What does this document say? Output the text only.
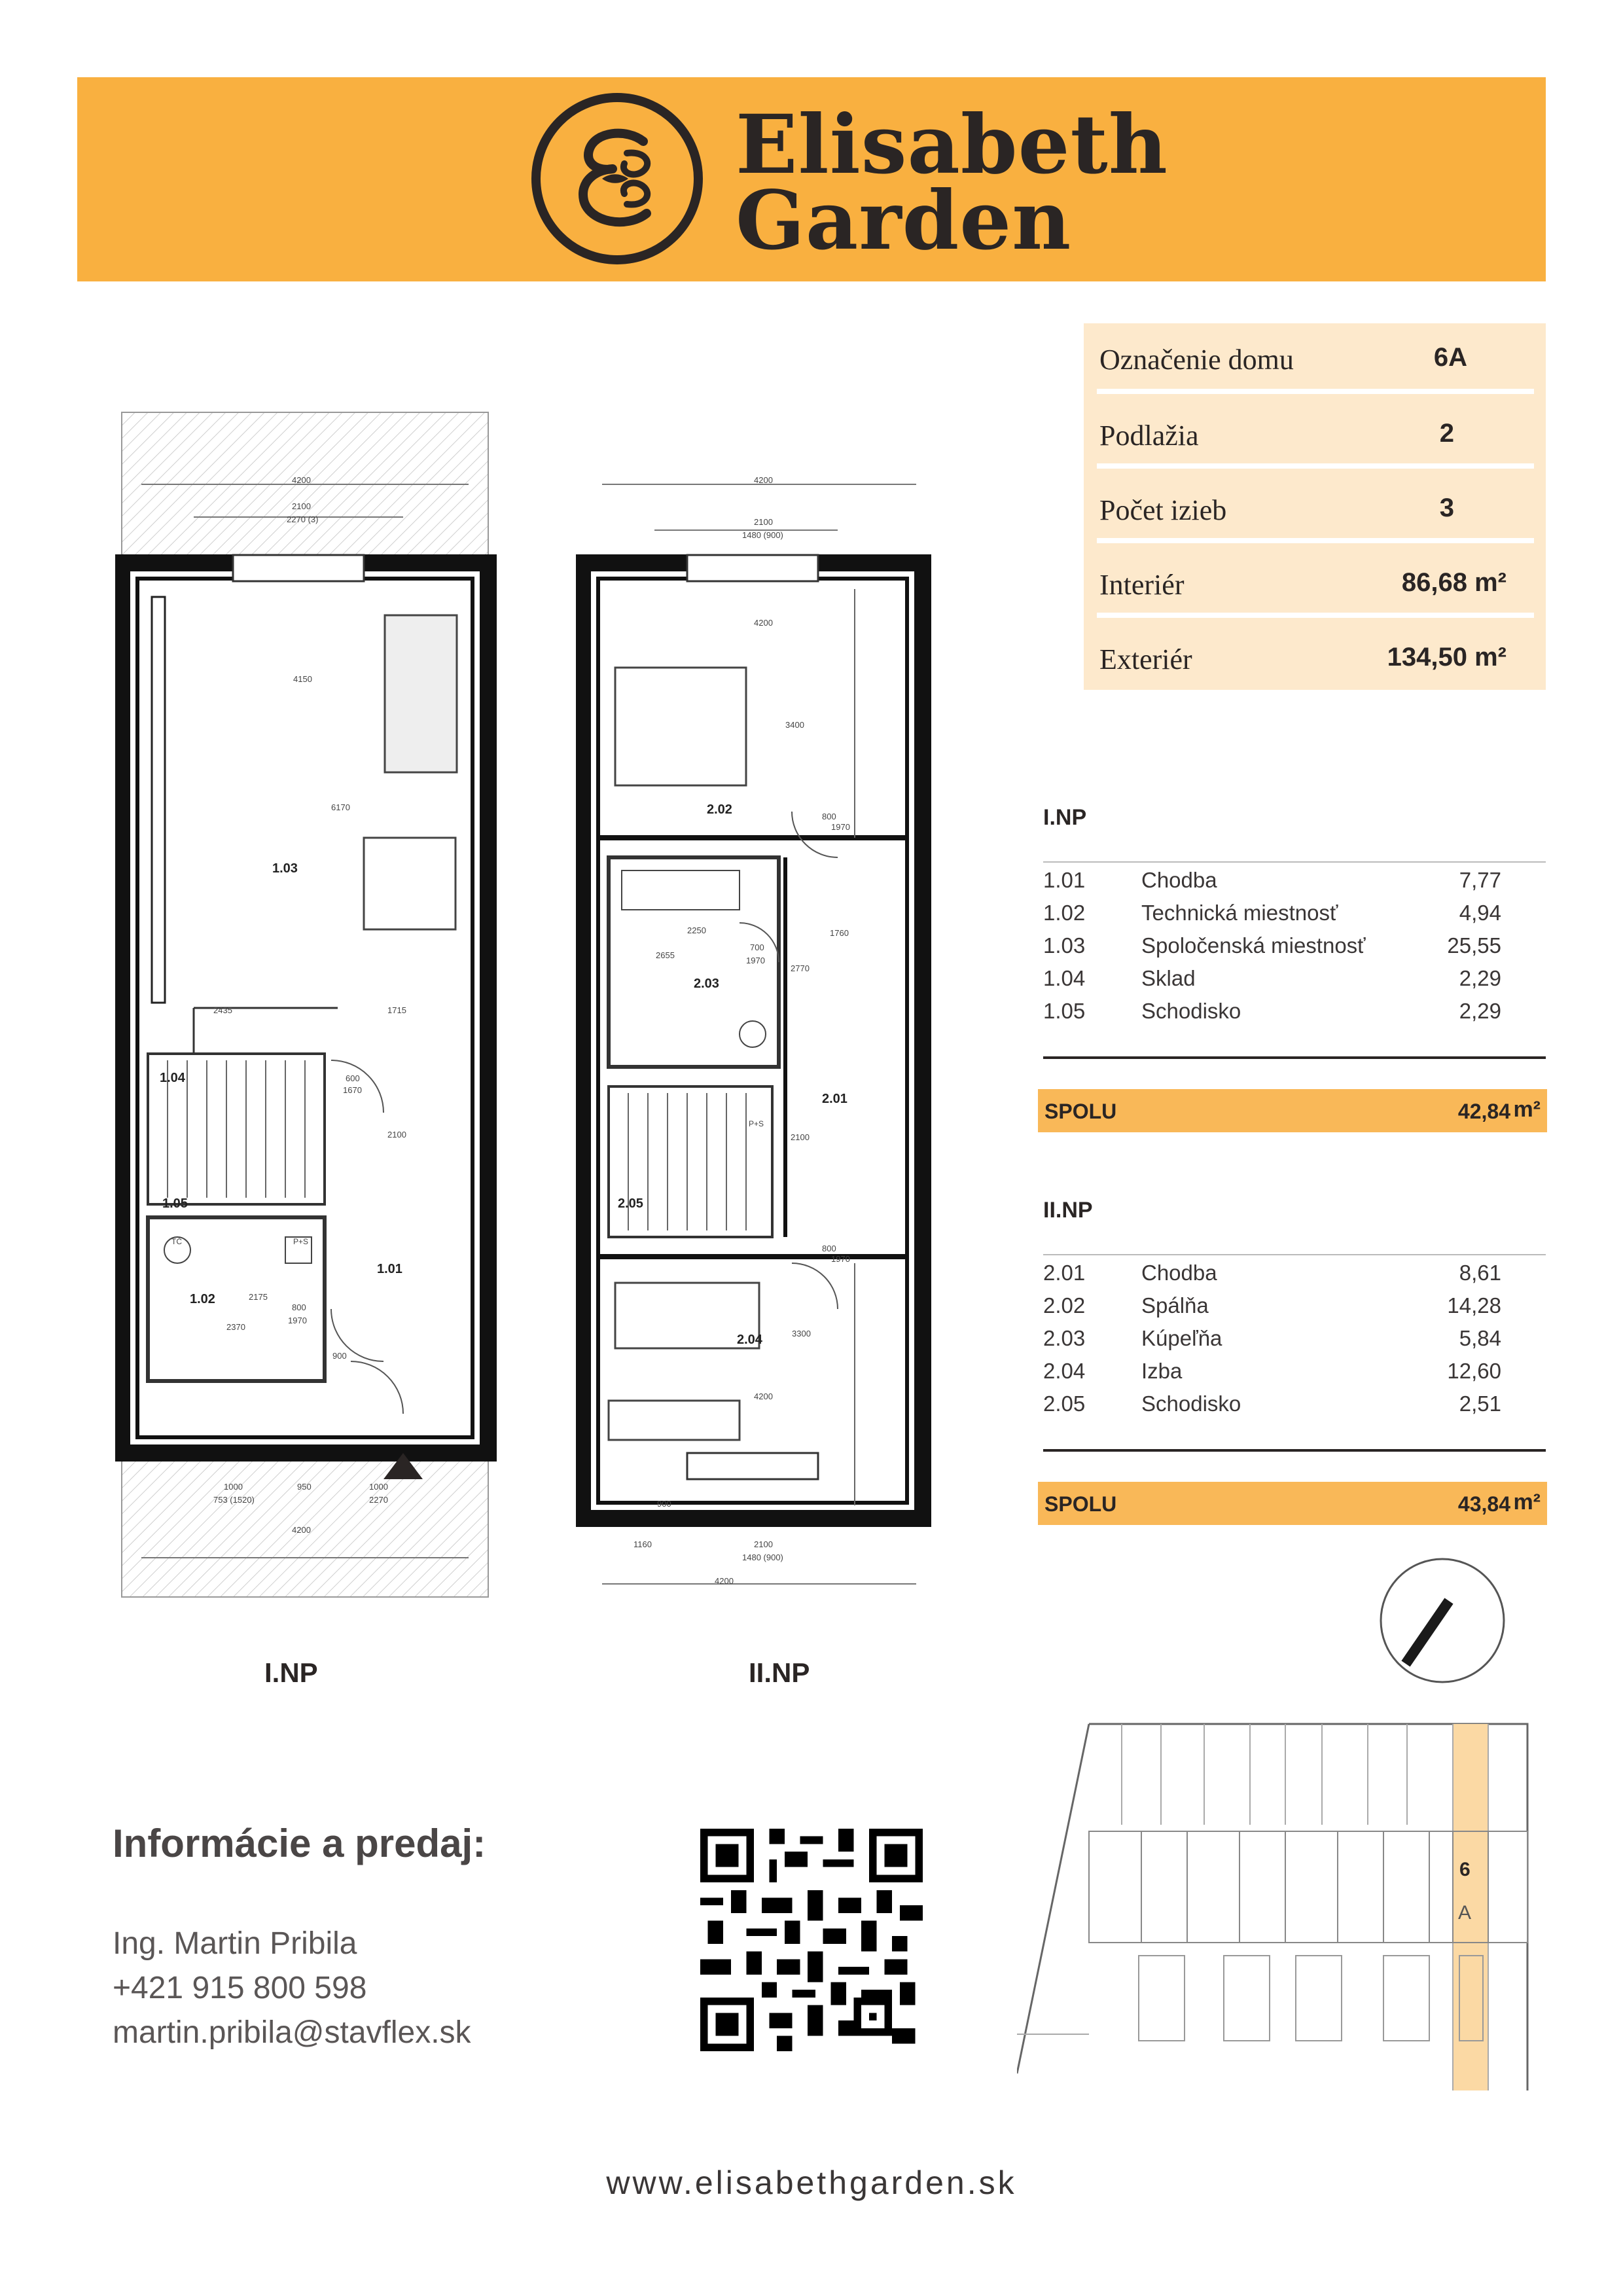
Elisabeth
Garden
Označenie domu	6A
Podlažia	2
Počet izieb	3
Interiér	86,68 m²
Exteriér	134,50 m²
I.NP
1.01	Chodba	7,77
1.02	Technická miestnosť	4,94
1.03	Spoločenská miestnosť	25,55
1.04	Sklad	2,29
1.05	Schodisko	2,29
SPOLU	42,84 m²
II.NP
2.01	Chodba	8,61
2.02	Spálňa	14,28
2.03	Kúpeľňa	5,84
2.04	Izba	12,60
2.05	Schodisko	2,51
SPOLU	43,84 m²
1.03
1.04
1.05
1.02
1.01
4200
2100
2270 (3)
4150
6170
2435	1715
600
1670
2100
2175
800
1970
2370
900
1000	950	1000
2270
753 (1520)
4200
TČ	P+S
2.02
2.03
2.01
2.05
2.04
4200
2100
1480 (900)
4200
3400
800
1970
2250
700
1970
2655
2770
1760
2100
800
1970
3300
4200
900
1160	2100
1480 (900)
4200
P+S
I.NP	II.NP
6
A
Informácie a predaj:
Ing. Martin Pribila
+421 915 800 598
martin.pribila@stavflex.sk
www.elisabethgarden.sk
